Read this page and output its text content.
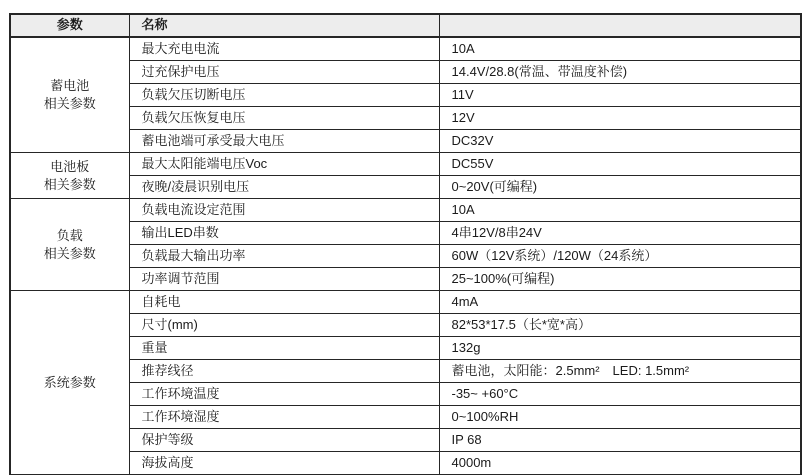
参数	名称	

蓄电池
相关参数	最大充电电流	10A
	过充保护电压	14.4V/28.8(常温、带温度补偿)
	负载欠压切断电压	11V
	负载欠压恢复电压	12V
	蓄电池端可承受最大电压	DC32V

电池板
相关参数	最大太阳能端电压Voc	DC55V
	夜晚/凌晨识别电压	0~20V(可编程)

负载
相关参数	负载电流设定范围	10A
	输出LED串数	4串12V/8串24V
	负载最大输出功率	60W（12V系统）/120W（24系统）
	功率调节范围	25~100%(可编程)

系统参数	自耗电	4mA
	尺寸(mm)	82*53*17.5（长*宽*高）
	重量	132g
	推荐线径	蓄电池，太阳能：2.5mm²　LED: 1.5mm²
	工作环境温度	-35~ +60°C
	工作环境湿度	0~100%RH
	保护等级	IP 68
	海拔高度	4000m
